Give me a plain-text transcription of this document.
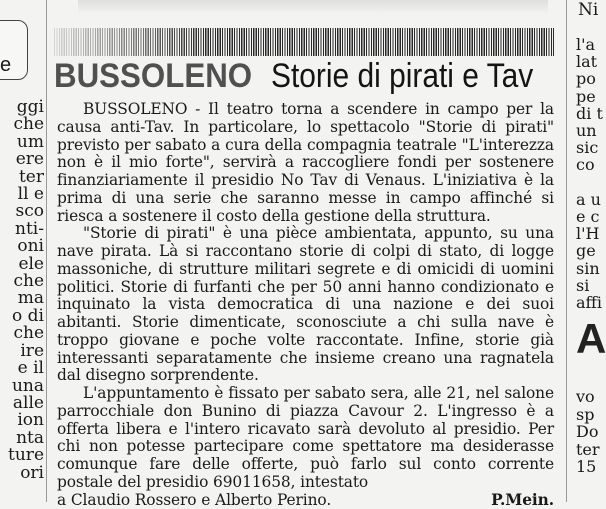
e
ggi
che
um
ere
ter
ll e
sco
nti-
oni
ele
che
ma
o di
che
ire
e il
una
alle
ion
nta
ture
ori
BUSSOLENO Storie di pirati e Tav

BUSSOLENO - Il teatro torna a scendere in campo per la causa anti-Tav. In particolare, lo spettacolo "Storie di pirati" previsto per sabato a cura della compagnia teatrale "L'interezza non è il mio forte", servirà a raccogliere fondi per sostenere finanziariamente il presidio No Tav di Venaus. L'iniziativa è la prima di una serie che saranno messe in campo affinché si riesca a sostenere il costo della gestione della struttura.

"Storie di pirati" è una pièce ambientata, appunto, su una nave pirata. Là si raccontano storie di colpi di stato, di logge massoniche, di strutture militari segrete e di omicidi di uomini politici. Storie di furfanti che per 50 anni hanno condizionato e inquinato la vista democratica di una nazione e dei suoi abitanti. Storie dimenticate, sconosciute a chi sulla nave è troppo giovane e poche volte raccontate. Infine, storie già interessanti separatamente che insieme creano una ragnatela dal disegno sorprendente.

L'appuntamento è fissato per sabato sera, alle 21, nel salone parrocchiale don Bunino di piazza Cavour 2. L'ingresso è a offerta libera e l'intero ricavato sarà devoluto al presidio. Per chi non potesse partecipare come spettatore ma desiderasse comunque fare delle offerte, può farlo sul conto corrente postale del presidio 69011658, intestato

a Claudio Rossero e Alberto Perino.	P.Mein.
Ni
l'a
lat
po
pe
di t
un
sic
co
a u
e c
l'H
ge
sin
si
affi
A
vo
sp
Do
ter
15
